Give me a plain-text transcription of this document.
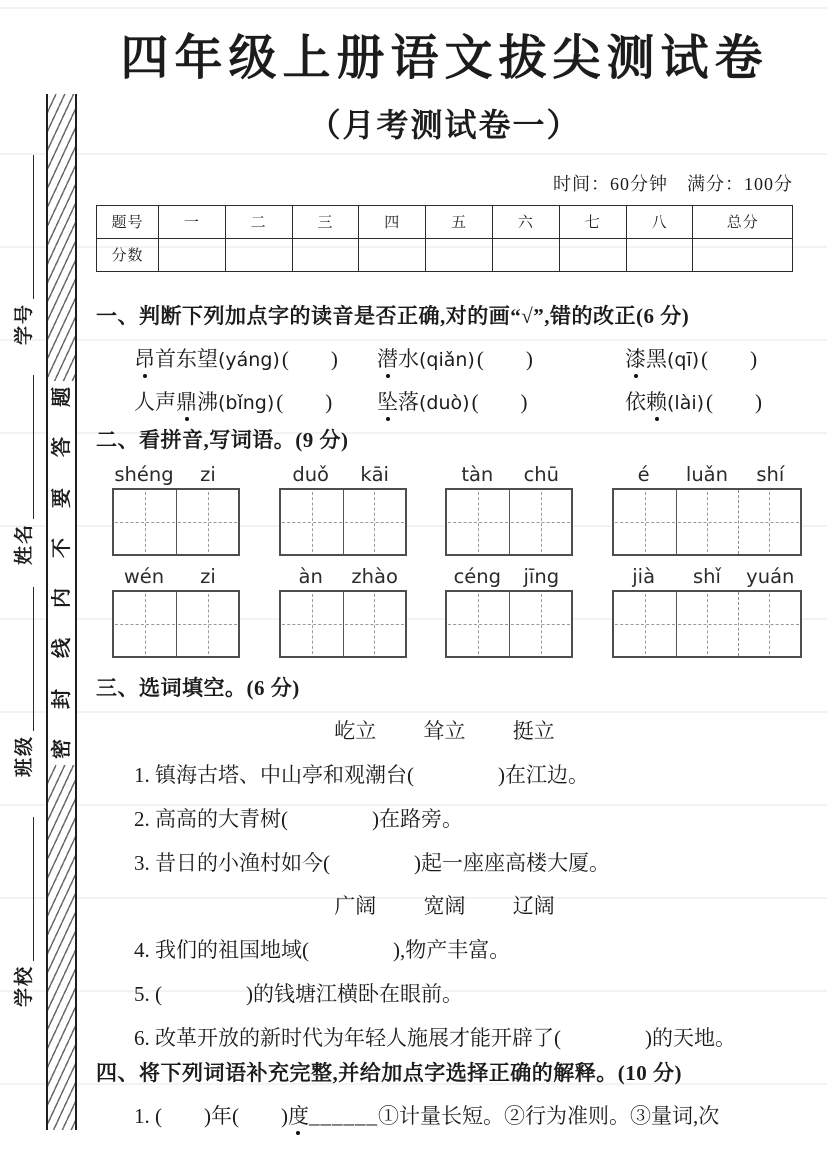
学号
姓名
班级
学校
题
答
要
不
内
线
封
密
四年级上册语文拔尖测试卷
（月考测试卷一）
时间：60分钟　满分：100分
题号	一	二	三	四	五	六	七	八	总分
分数									
一、判断下列加点字的读音是否正确,对的画“√”,错的改正(6 分)
昂首东望(yáng)(　　)	潜水(qiǎn)(　　)	漆黑(qī)(　　)
人声鼎沸(bǐng)(　　)	坠落(duò)(　　)	依赖(lài)(　　)
二、看拼音,写词语。(9 分)
shéng	zi	duǒ	kāi	tàn	chū	é	luǎn	shí
wén	zi	àn	zhào	céng	jīng	jià	shǐ	yuán
三、选词填空。(6 分)
屹立 耸立 挺立
1. 镇海古塔、中山亭和观潮台(　　　　)在江边。
2. 高高的大青树(　　　　)在路旁。
3. 昔日的小渔村如今(　　　　)起一座座高楼大厦。
广阔 宽阔 辽阔
4. 我们的祖国地域(　　　　),物产丰富。
5. (　　　　)的钱塘江横卧在眼前。
6. 改革开放的新时代为年轻人施展才能开辟了(　　　　)的天地。
四、将下列词语补充完整,并给加点字选择正确的解释。(10 分)
1. (　　)年(　　)度______①计量长短。②行为准则。③量词,次
